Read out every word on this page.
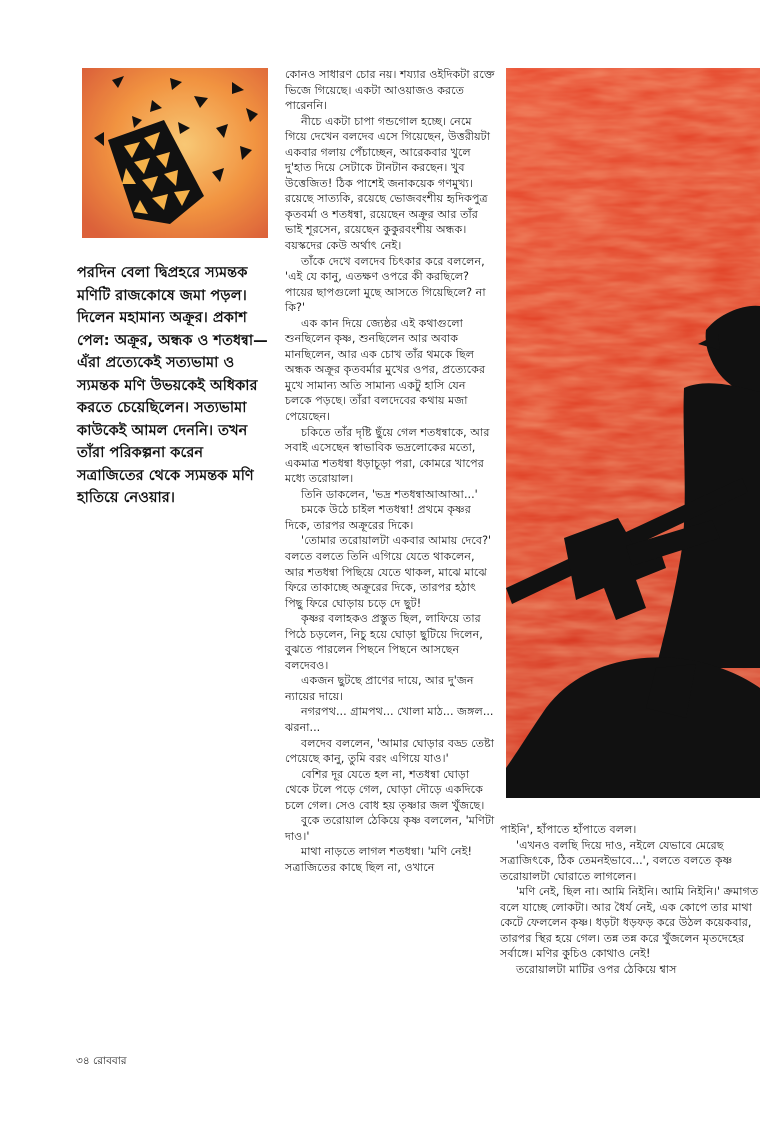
পরদিন বেলা দ্বিপ্রহরে স্যমন্তক মণিটি রাজকোষে জমা পড়ল। দিলেন মহামান্য অক্রূর। প্রকাশ পেল: অক্রূর, অন্ধক ও শতধন্বা— এঁরা প্রত্যেকেই সত্যভামা ও স্যমন্তক মণি উভয়কেই অধিকার করতে চেয়েছিলেন। সত্যভামা কাউকেই আমল দেননি। তখন তাঁরা পরিকল্পনা করেন সত্রাজিতের থেকে স্যমন্তক মণি হাতিয়ে নেওয়ার।

কোনও সাধারণ চোর নয়। শয্যার ওইদিকটা রক্তে ভিজে গিয়েছে। একটা আওয়াজও করতে পারেননি।

নীচে একটা চাপা গন্ডগোল হচ্ছে। নেমে গিয়ে দেখেন বলদেব এসে গিয়েছেন, উত্তরীয়টা একবার গলায় পেঁচাচ্ছেন, আরেকবার খুলে দু'হাত দিয়ে সেটাকে টানটান করছেন। খুব উত্তেজিত! ঠিক পাশেই জনাকয়েক গণমুখ্য। রয়েছে সাত্যকি, রয়েছে ভোজবংশীয় হৃদিকপুত্র কৃতবর্মা ও শতধন্বা, রয়েছেন অক্রূর আর তাঁর ভাই শূরসেন, রয়েছেন কুকুরবংশীয় অন্ধক। বয়স্কদের কেউ অর্থাৎ নেই।

তাঁকে দেখে বলদেব চিৎকার করে বললেন, 'এই যে কানু, এতক্ষণ ওপরে কী করছিলে? পায়ের ছাপগুলো মুছে আসতে গিয়েছিলে? না কি?'

এক কান দিয়ে জ্যেষ্ঠর এই কথাগুলো শুনছিলেন কৃষ্ণ, শুনছিলেন আর অবাক মানছিলেন, আর এক চোখ তাঁর থমকে ছিল অন্ধক অক্রূর কৃতবর্মার মুখের ওপর, প্রত্যেকের মুখে সামান্য অতি সামান্য একটু হাসি যেন চলকে পড়ছে। তাঁরা বলদেবের কথায় মজা পেয়েছেন।

চকিতে তাঁর দৃষ্টি ছুঁয়ে গেল শতধন্বাকে, আর সবাই এসেছেন স্বাভাবিক ভদ্রলোকের মতো, একমাত্র শতধন্বা ধড়াচূড়া পরা, কোমরে খাপের মধ্যে তরোয়াল।

তিনি ডাকলেন, 'ভদ্র শতধন্বাআআআ...'

চমকে উঠে চাইল শতধন্বা! প্রথমে কৃষ্ণর দিকে, তারপর অক্রূরের দিকে।

'তোমার তরোয়ালটা একবার আমায় দেবে?' বলতে বলতে তিনি এগিয়ে যেতে থাকলেন, আর শতধন্বা পিছিয়ে যেতে থাকল, মাঝে মাঝে ফিরে তাকাচ্ছে অক্রূরের দিকে, তারপর হঠাৎ পিছু ফিরে ঘোড়ায় চড়ে দে ছুট!

কৃষ্ণর বলাহকও প্রস্তুত ছিল, লাফিয়ে তার পিঠে চড়লেন, নিচু হয়ে ঘোড়া ছুটিয়ে দিলেন, বুঝতে পারলেন পিছনে পিছনে আসছেন বলদেবও।

একজন ছুটছে প্রাণের দায়ে, আর দু'জন ন্যায়ের দায়ে।

নগরপথ... গ্রামপথ... খোলা মাঠ... জঙ্গল... ঝরনা...

বলদেব বললেন, 'আমার ঘোড়ার বড্ড তেষ্টা পেয়েছে কানু, তুমি বরং এগিয়ে যাও।'

বেশির দূর যেতে হল না, শতধন্বা ঘোড়া থেকে টলে পড়ে গেল, ঘোড়া দৌড়ে একদিকে চলে গেল। সেও বোধ হয় তৃষ্ণার জল খুঁজছে।

বুকে তরোয়াল ঠেকিয়ে কৃষ্ণ বললেন, 'মণিটা দাও।'

মাথা নাড়তে লাগল শতধন্বা। 'মণি নেই! সত্রাজিতের কাছে ছিল না, ওখানে

পাইনি', হাঁপাতে হাঁপাতে বলল।

'এখনও বলছি দিয়ে দাও, নইলে যেভাবে মেরেছ সত্রাজিৎকে, ঠিক তেমনইভাবে...', বলতে বলতে কৃষ্ণ তরোয়ালটা ঘোরাতে লাগলেন।

'মণি নেই, ছিল না। আমি নিইনি। আমি নিইনি।' ক্রমাগত বলে যাচ্ছে লোকটা। আর ধৈর্য নেই, এক কোপে তার মাথা কেটে ফেললেন কৃষ্ণ। ধড়টা ধড়ফড় করে উঠল কয়েকবার, তারপর স্থির হয়ে গেল। তন্ন তন্ন করে খুঁজলেন মৃতদেহের সর্বাঙ্গে। মণির কুচিও কোথাও নেই!

তরোয়ালটা মাটির ওপর ঠেকিয়ে শ্বাস

৩৪ রোববার
